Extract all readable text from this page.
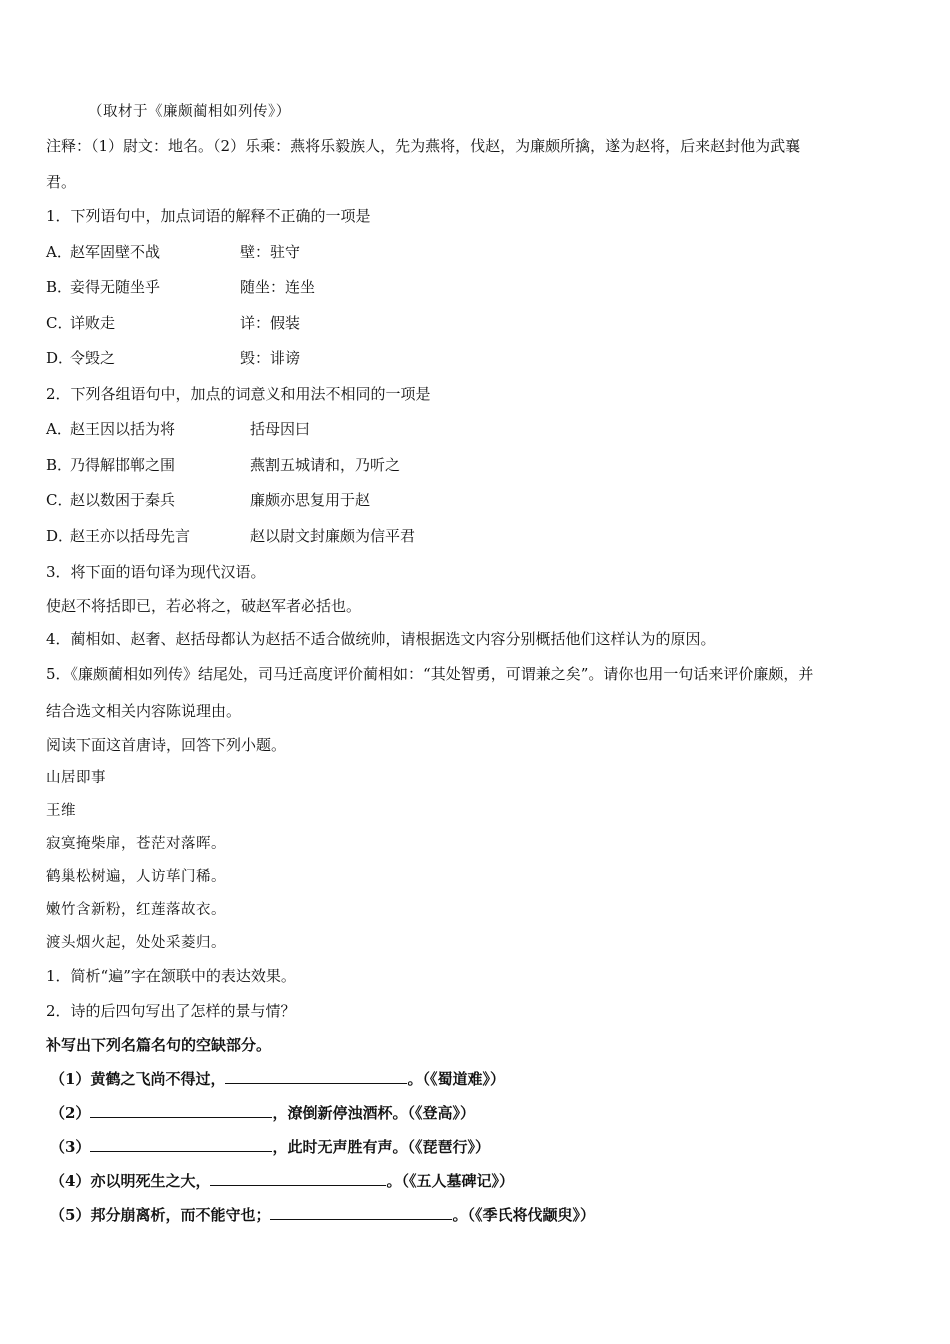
（取材于《廉颇蔺相如列传》）
注释：（1）尉文：地名。（2）乐乘：燕将乐毅族人，先为燕将，伐赵，为廉颇所擒，遂为赵将，后来赵封他为武襄
君。
1．下列语句中，加点词语的解释不正确的一项是
A．赵军固壁不战	壁：驻守
B．妾得无随坐乎	随坐：连坐
C．详败走	详：假装
D．令毁之	毁：诽谤
2．下列各组语句中，加点的词意义和用法不相同的一项是
A．赵王因以括为将	括母因曰
B．乃得解邯郸之围	燕割五城请和，乃听之
C．赵以数困于秦兵	廉颇亦思复用于赵
D．赵王亦以括母先言	赵以尉文封廉颇为信平君
3．将下面的语句译为现代汉语。
使赵不将括即已，若必将之，破赵军者必括也。
4．蔺相如、赵奢、赵括母都认为赵括不适合做统帅，请根据选文内容分别概括他们这样认为的原因。
5．《廉颇蔺相如列传》结尾处，司马迁高度评价蔺相如：“其处智勇，可谓兼之矣”。请你也用一句话来评价廉颇，并
结合选文相关内容陈说理由。
阅读下面这首唐诗，回答下列小题。
山居即事
王维
寂寞掩柴扉，苍茫对落晖。
鹤巢松树遍，人访荜门稀。
嫩竹含新粉，红莲落故衣。
渡头烟火起，处处采菱归。
1．简析“遍”字在颔联中的表达效果。
2．诗的后四句写出了怎样的景与情？
补写出下列名篇名句的空缺部分。
（1）黄鹤之飞尚不得过，	。（《蜀道难》）
（2）	，潦倒新停浊酒杯。（《登高》）
（3）	，此时无声胜有声。（《琵琶行》）
（4）亦以明死生之大，	。（《五人墓碑记》）
（5）邦分崩离析，而不能守也；	。（《季氏将伐颛臾》）
